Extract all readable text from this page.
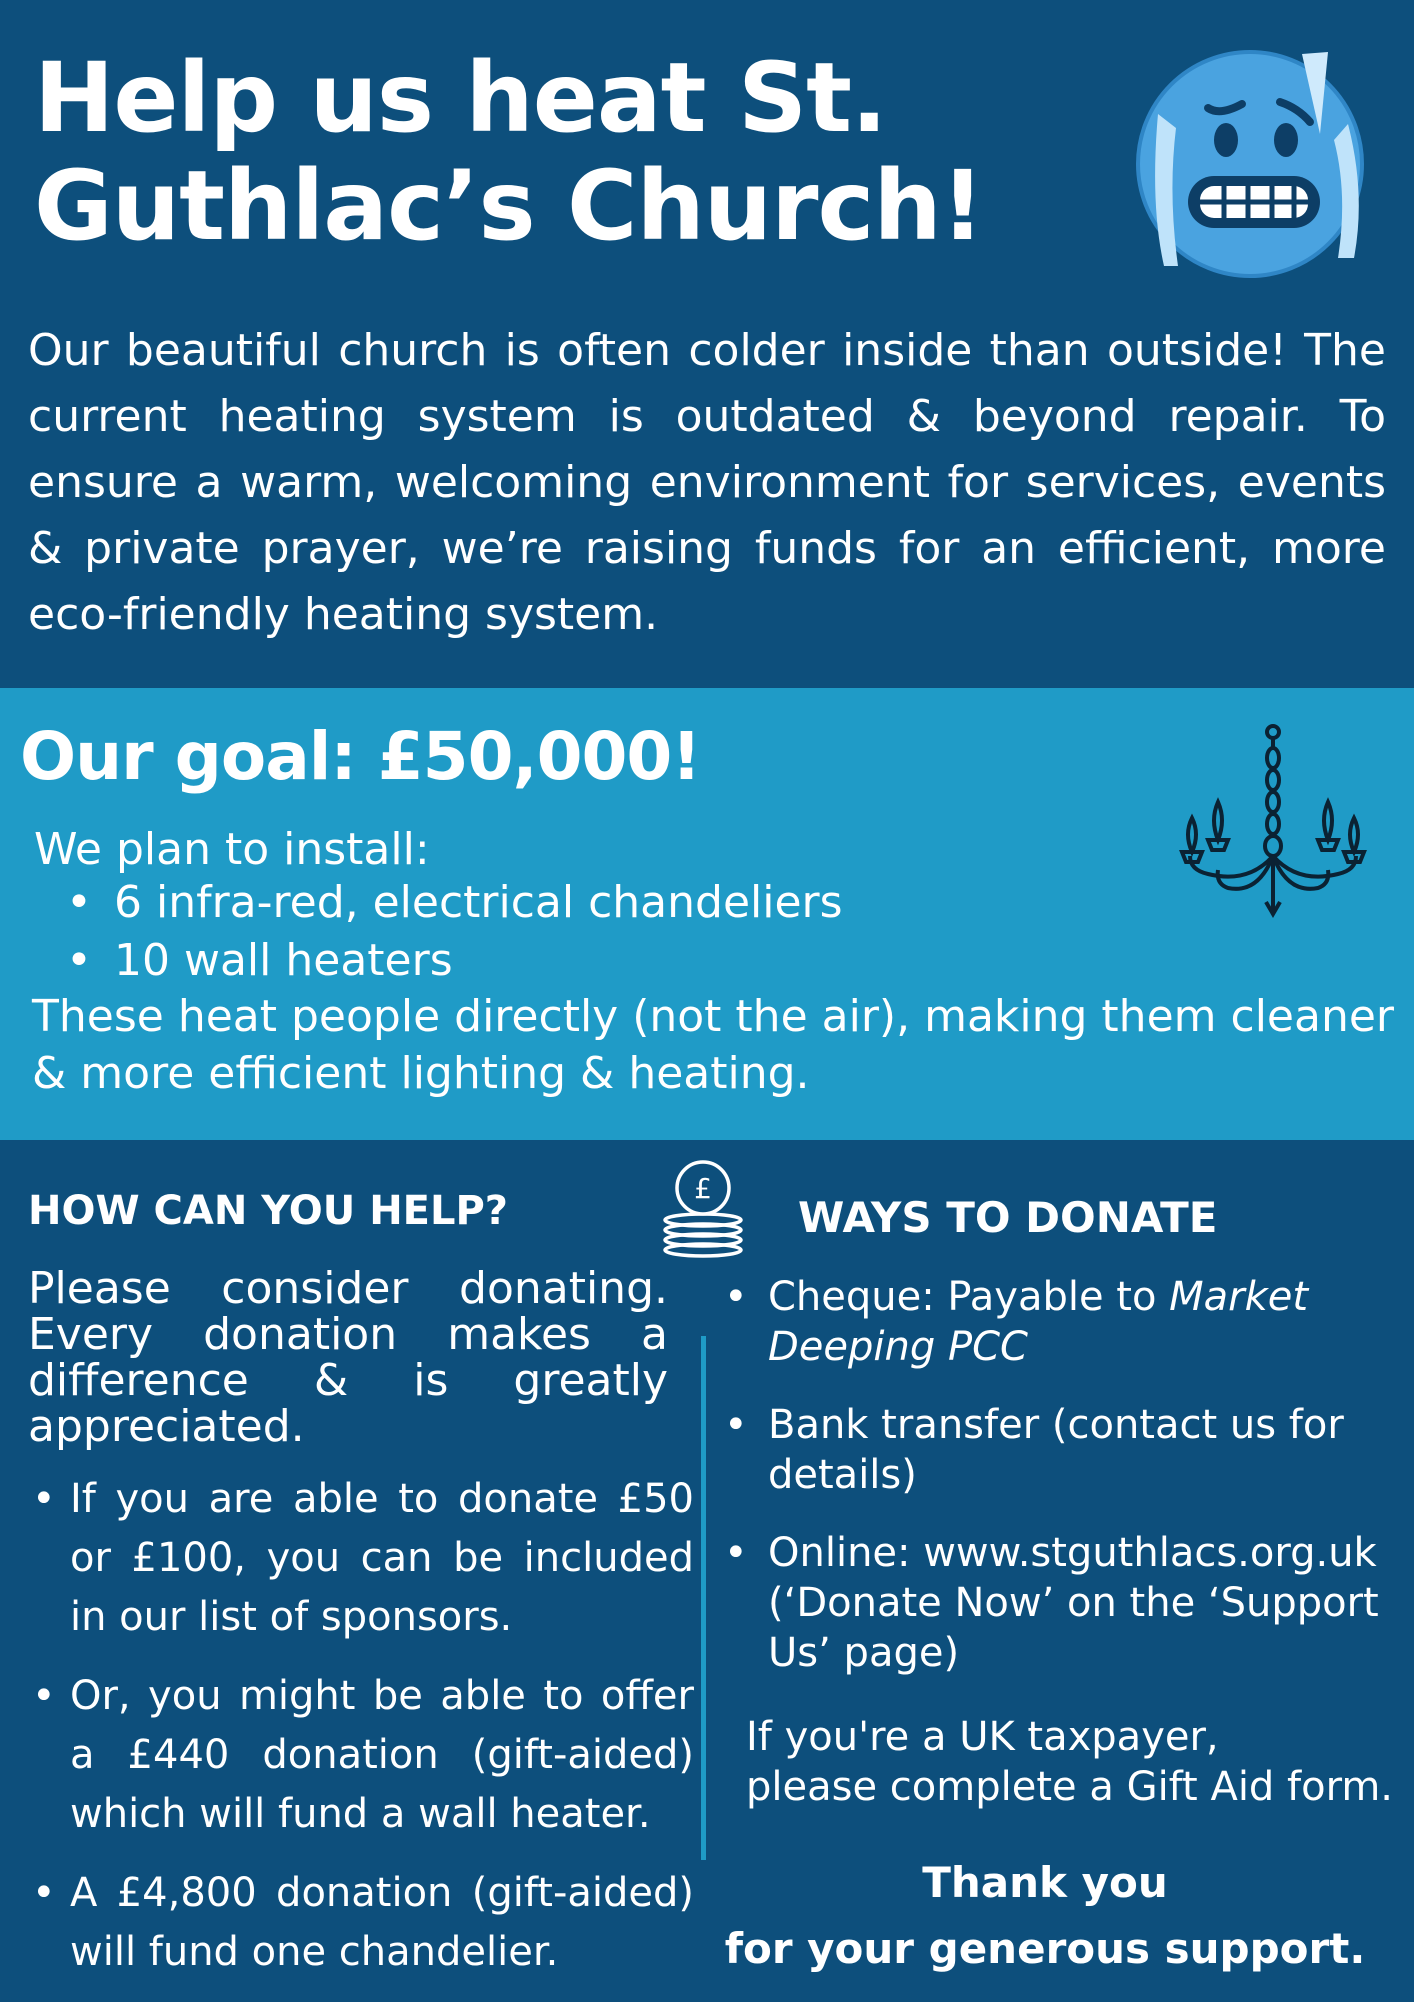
Help us heat St.
Guthlac’s Church!

Our beautiful church is often colder inside than outside! The current heating system is outdated & beyond repair. To ensure a warm, welcoming environment for services, events & private prayer, we’re raising funds for an efficient, more eco-friendly heating system.

Our goal: £50,000!

We plan to install:

• 6 infra-red, electrical chandeliers
• 10 wall heaters

These heat people directly (not the air), making them cleaner & more efficient lighting & heating.

HOW CAN YOU HELP?	£

Please consider donating. Every donation makes a difference & is greatly appreciated.

• If you are able to donate £50 or £100, you can be included in our list of sponsors.
• Or, you might be able to offer a £440 donation (gift-aided) which will fund a wall heater.
• A £4,800 donation (gift-aided) will fund one chandelier.
WAYS TO DONATE
• Cheque: Payable to Market Deeping PCC
• Bank transfer (contact us for details)
• Online: www.stguthlacs.org.uk (‘Donate Now’ on the ‘Support Us’ page)

If you're a UK taxpayer,
please complete a Gift Aid form.

Thank you
for your generous support.
